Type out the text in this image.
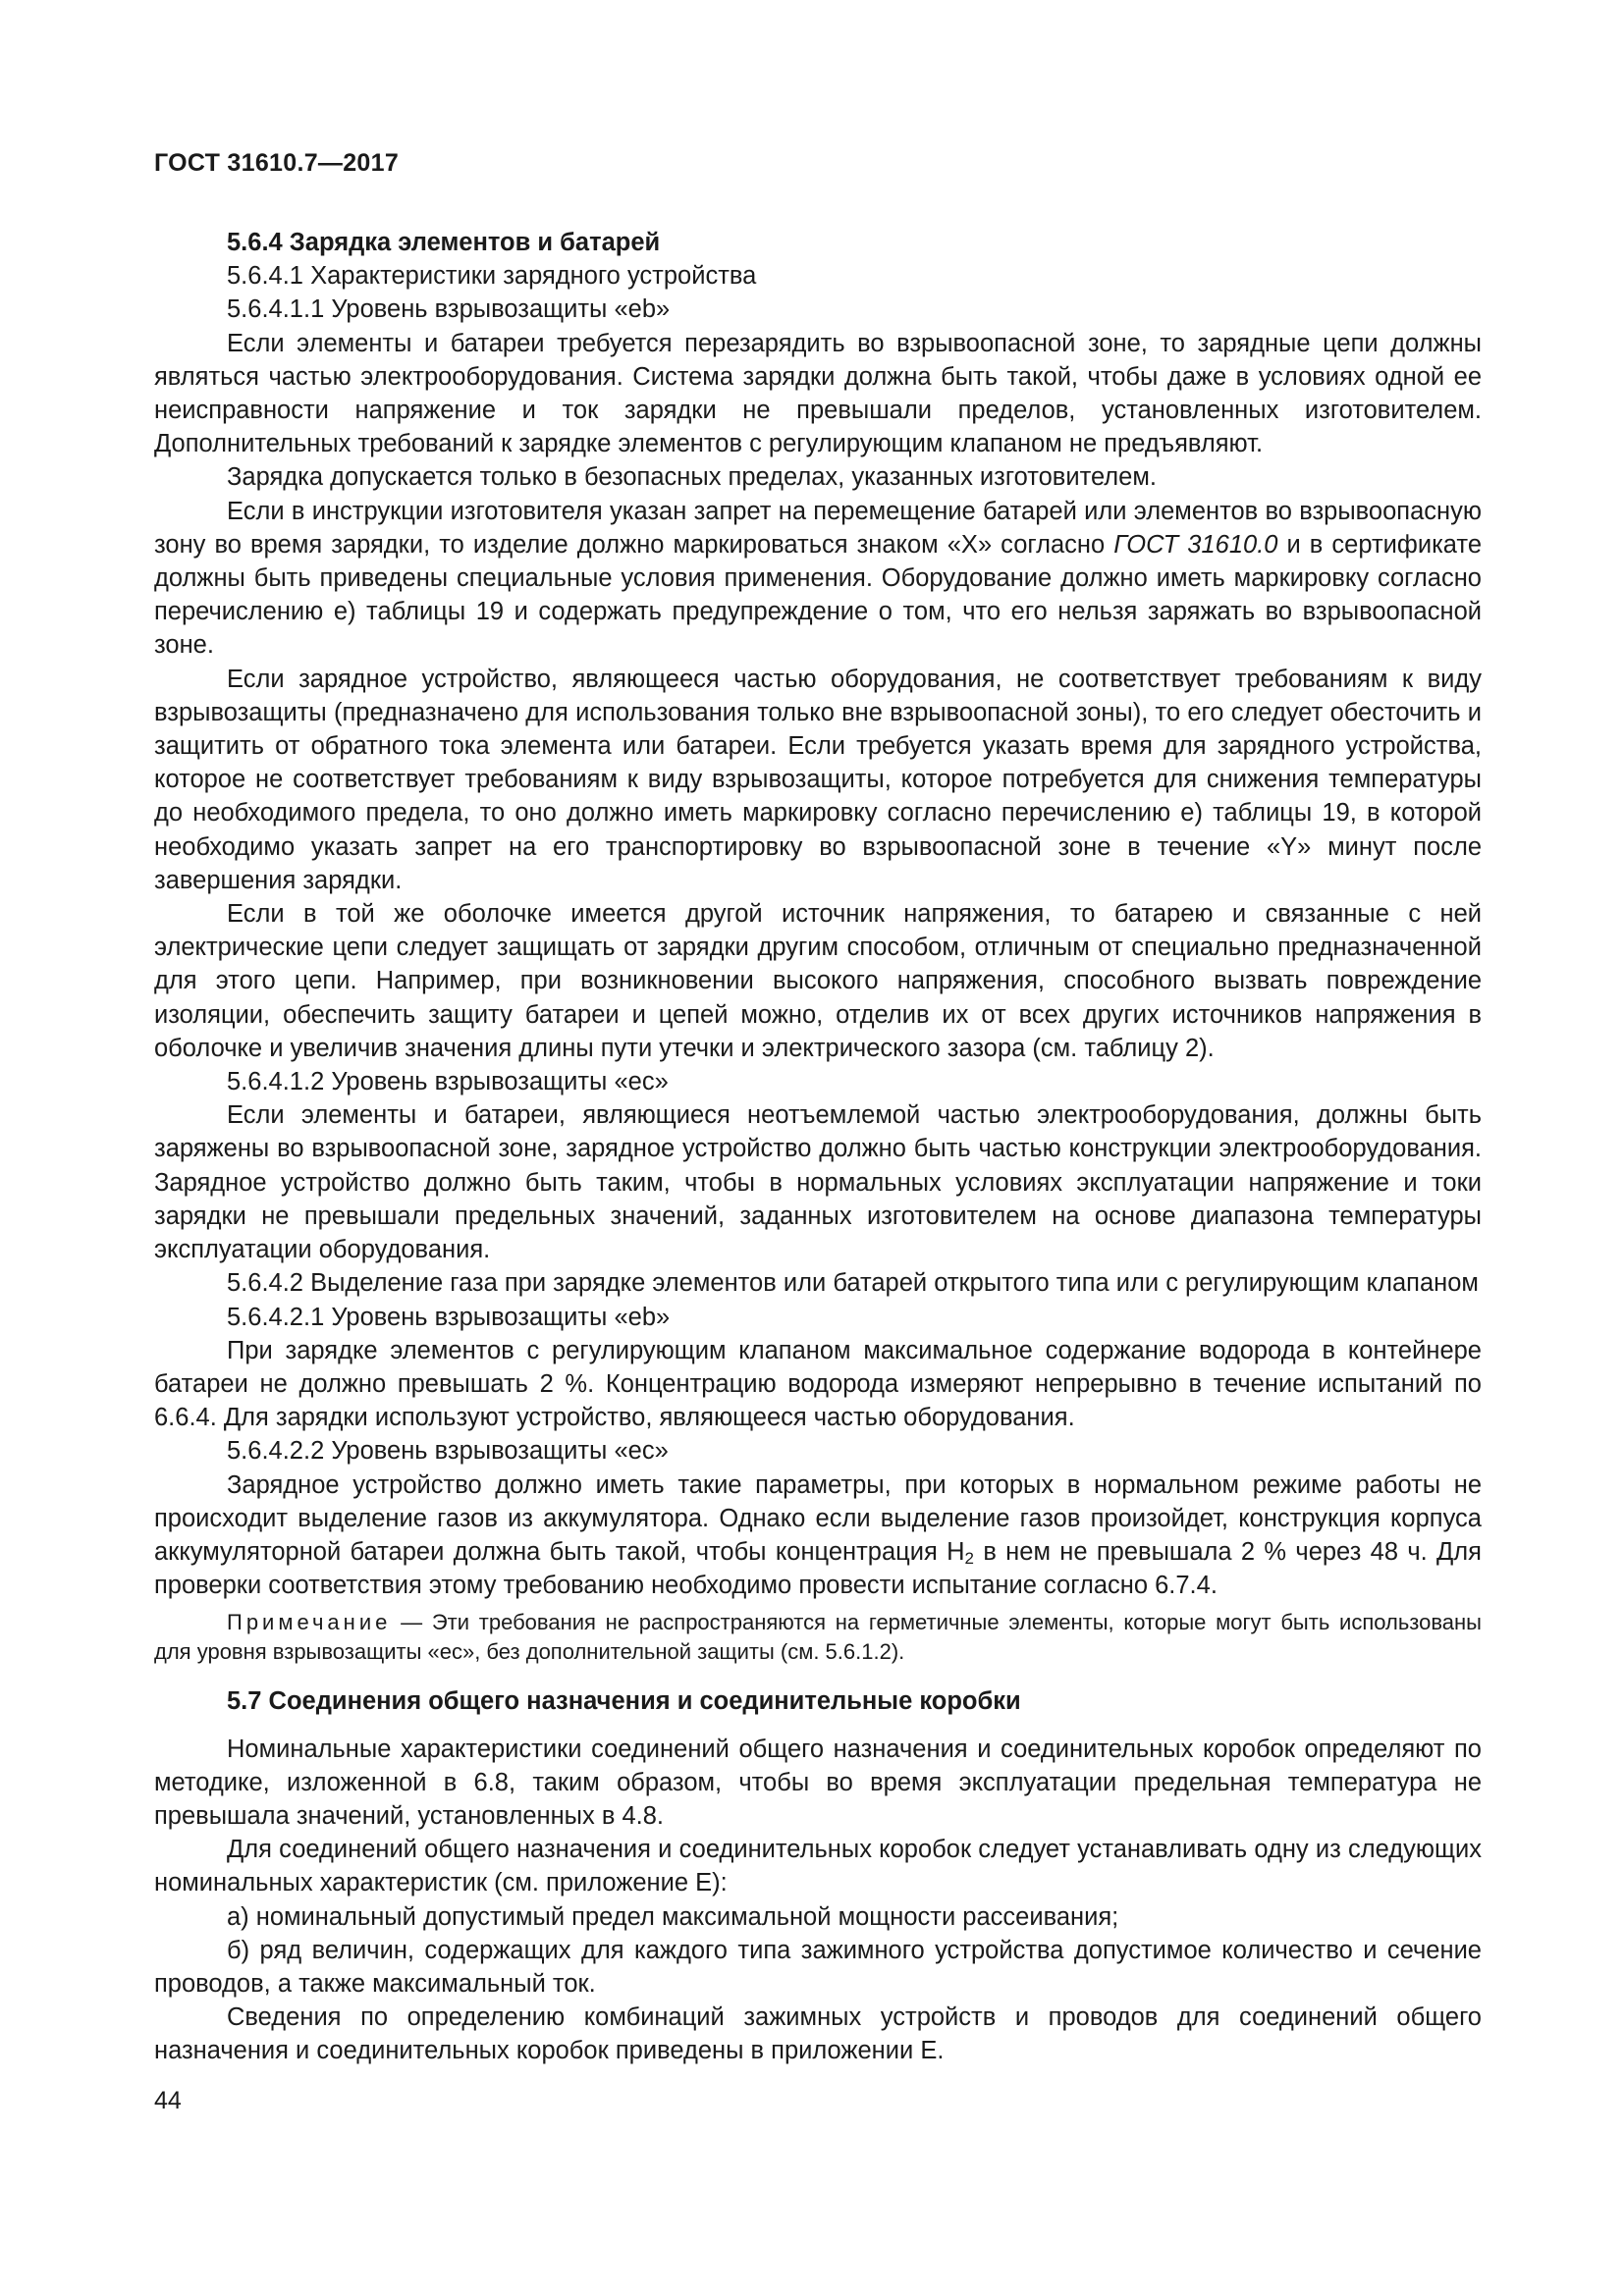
ГОСТ 31610.7—2017

5.6.4 Зарядка элементов и батарей

5.6.4.1 Характеристики зарядного устройства

5.6.4.1.1 Уровень взрывозащиты «eb»

Если элементы и батареи требуется перезарядить во взрывоопасной зоне, то зарядные цепи должны являться частью электрооборудования. Система зарядки должна быть такой, чтобы даже в условиях одной ее неисправности напряжение и ток зарядки не превышали пределов, установленных изготовителем. Дополнительных требований к зарядке элементов с регулирующим клапаном не предъявляют.

Зарядка допускается только в безопасных пределах, указанных изготовителем.

Если в инструкции изготовителя указан запрет на перемещение батарей или элементов во взрывоопасную зону во время зарядки, то изделие должно маркироваться знаком «X» согласно ГОСТ 31610.0 и в сертификате должны быть приведены специальные условия применения. Оборудование должно иметь маркировку согласно перечислению е) таблицы 19 и содержать предупреждение о том, что его нельзя заряжать во взрывоопасной зоне.

Если зарядное устройство, являющееся частью оборудования, не соответствует требованиям к виду взрывозащиты (предназначено для использования только вне взрывоопасной зоны), то его следует обесточить и защитить от обратного тока элемента или батареи. Если требуется указать время для зарядного устройства, которое не соответствует требованиям к виду взрывозащиты, которое потребуется для снижения температуры до необходимого предела, то оно должно иметь маркировку согласно перечислению е) таблицы 19, в которой необходимо указать запрет на его транспортировку во взрывоопасной зоне в течение «Y» минут после завершения зарядки.

Если в той же оболочке имеется другой источник напряжения, то батарею и связанные с ней электрические цепи следует защищать от зарядки другим способом, отличным от специально предназначенной для этого цепи. Например, при возникновении высокого напряжения, способного вызвать повреждение изоляции, обеспечить защиту батареи и цепей можно, отделив их от всех других источников напряжения в оболочке и увеличив значения длины пути утечки и электрического зазора (см. таблицу 2).

5.6.4.1.2 Уровень взрывозащиты «ec»

Если элементы и батареи, являющиеся неотъемлемой частью электрооборудования, должны быть заряжены во взрывоопасной зоне, зарядное устройство должно быть частью конструкции электрооборудования. Зарядное устройство должно быть таким, чтобы в нормальных условиях эксплуатации напряжение и токи зарядки не превышали предельных значений, заданных изготовителем на основе диапазона температуры эксплуатации оборудования.

5.6.4.2 Выделение газа при зарядке элементов или батарей открытого типа или с регулирующим клапаном

5.6.4.2.1 Уровень взрывозащиты «eb»

При зарядке элементов с регулирующим клапаном максимальное содержание водорода в контейнере батареи не должно превышать 2 %. Концентрацию водорода измеряют непрерывно в течение испытаний по 6.6.4. Для зарядки используют устройство, являющееся частью оборудования.

5.6.4.2.2 Уровень взрывозащиты «ec»

Зарядное устройство должно иметь такие параметры, при которых в нормальном режиме работы не происходит выделение газов из аккумулятора. Однако если выделение газов произойдет, конструкция корпуса аккумуляторной батареи должна быть такой, чтобы концентрация $H_2$ в нем не превышала 2 % через 48 ч. Для проверки соответствия этому требованию необходимо провести испытание согласно 6.7.4.

Примечание — Эти требования не распространяются на герметичные элементы, которые могут быть использованы для уровня взрывозащиты «ec», без дополнительной защиты (см. 5.6.1.2).

5.7 Соединения общего назначения и соединительные коробки

Номинальные характеристики соединений общего назначения и соединительных коробок определяют по методике, изложенной в 6.8, таким образом, чтобы во время эксплуатации предельная температура не превышала значений, установленных в 4.8.

Для соединений общего назначения и соединительных коробок следует устанавливать одну из следующих номинальных характеристик (см. приложение Е):

а) номинальный допустимый предел максимальной мощности рассеивания;

б) ряд величин, содержащих для каждого типа зажимного устройства допустимое количество и сечение проводов, а также максимальный ток.

Сведения по определению комбинаций зажимных устройств и проводов для соединений общего назначения и соединительных коробок приведены в приложении Е.

44
